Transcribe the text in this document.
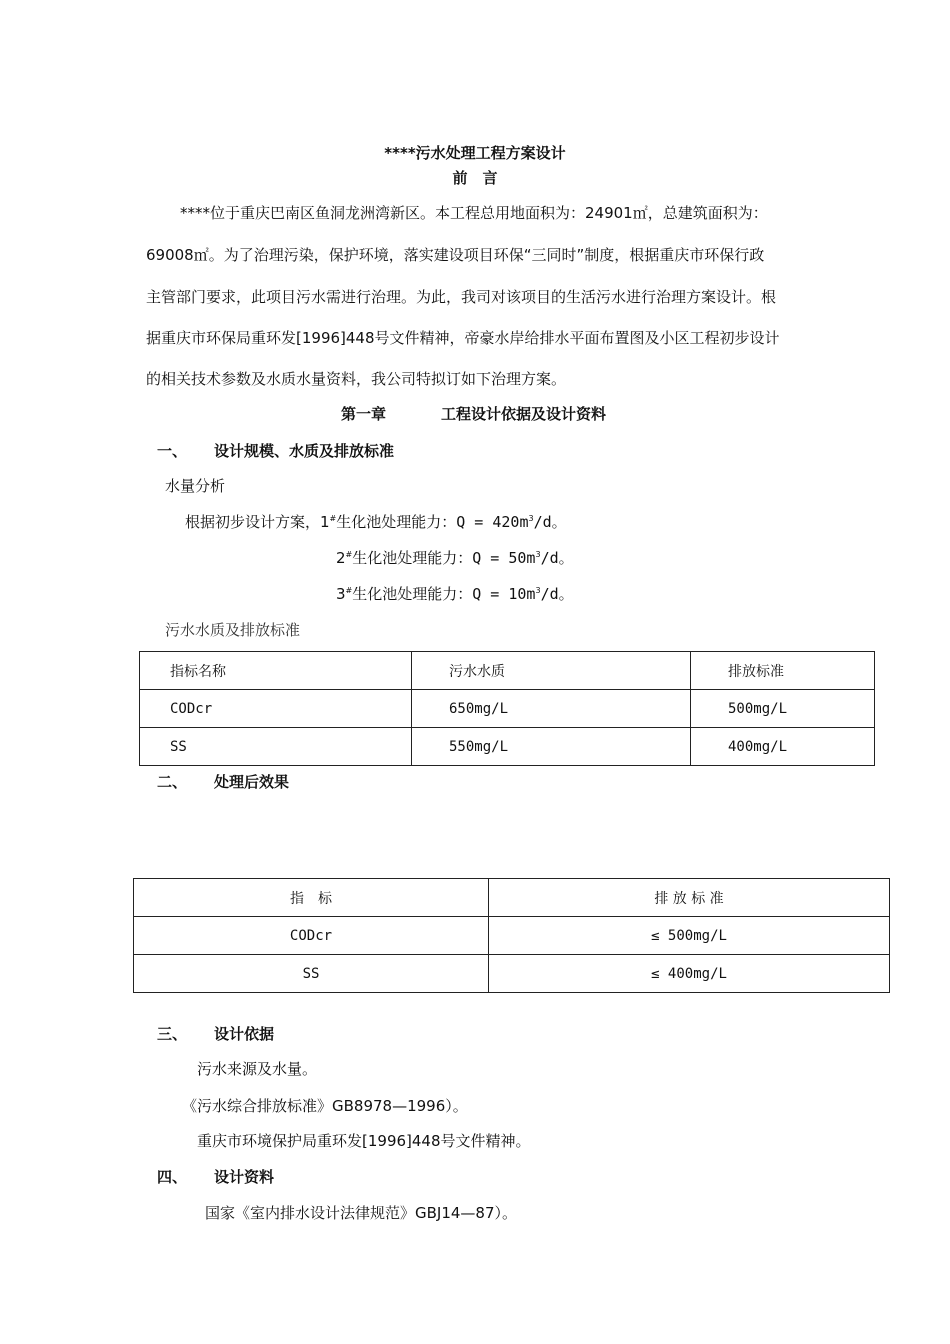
****污水处理工程方案设计
前　言
****位于重庆巴南区鱼洞龙洲湾新区。本工程总用地面积为：24901㎡，总建筑面积为：
69008㎡。为了治理污染，保护环境，落实建设项目环保“三同时”制度，根据重庆市环保行政
主管部门要求，此项目污水需进行治理。为此，我司对该项目的生活污水进行治理方案设计。根
据重庆市环保局重环发[1996]448号文件精神，帝豪水岸给排水平面布置图及小区工程初步设计
的相关技术参数及水质水量资料，我公司特拟订如下治理方案。
第一章	工程设计依据及设计资料
一、 设计规模、水质及排放标准
水量分析
根据初步设计方案，1#生化池处理能力：$Q = 420m^3/d$。
2#生化池处理能力：$Q = 50m^3/d$。
3#生化池处理能力：$Q = 10m^3/d$。
污水水质及排放标准
指标名称	污水水质	排放标准
CODcr	650mg/L	500mg/L
SS	550mg/L	400mg/L
二、 处理后效果
指　标	排 放 标 准
CODcr	≤ 500mg/L
SS	≤ 400mg/L
三、 设计依据
污水来源及水量。
《污水综合排放标准》GB8978—1996）。
重庆市环境保护局重环发[1996]448号文件精神。
四、 设计资料
国家《室内排水设计法律规范》GBJ14—87）。
